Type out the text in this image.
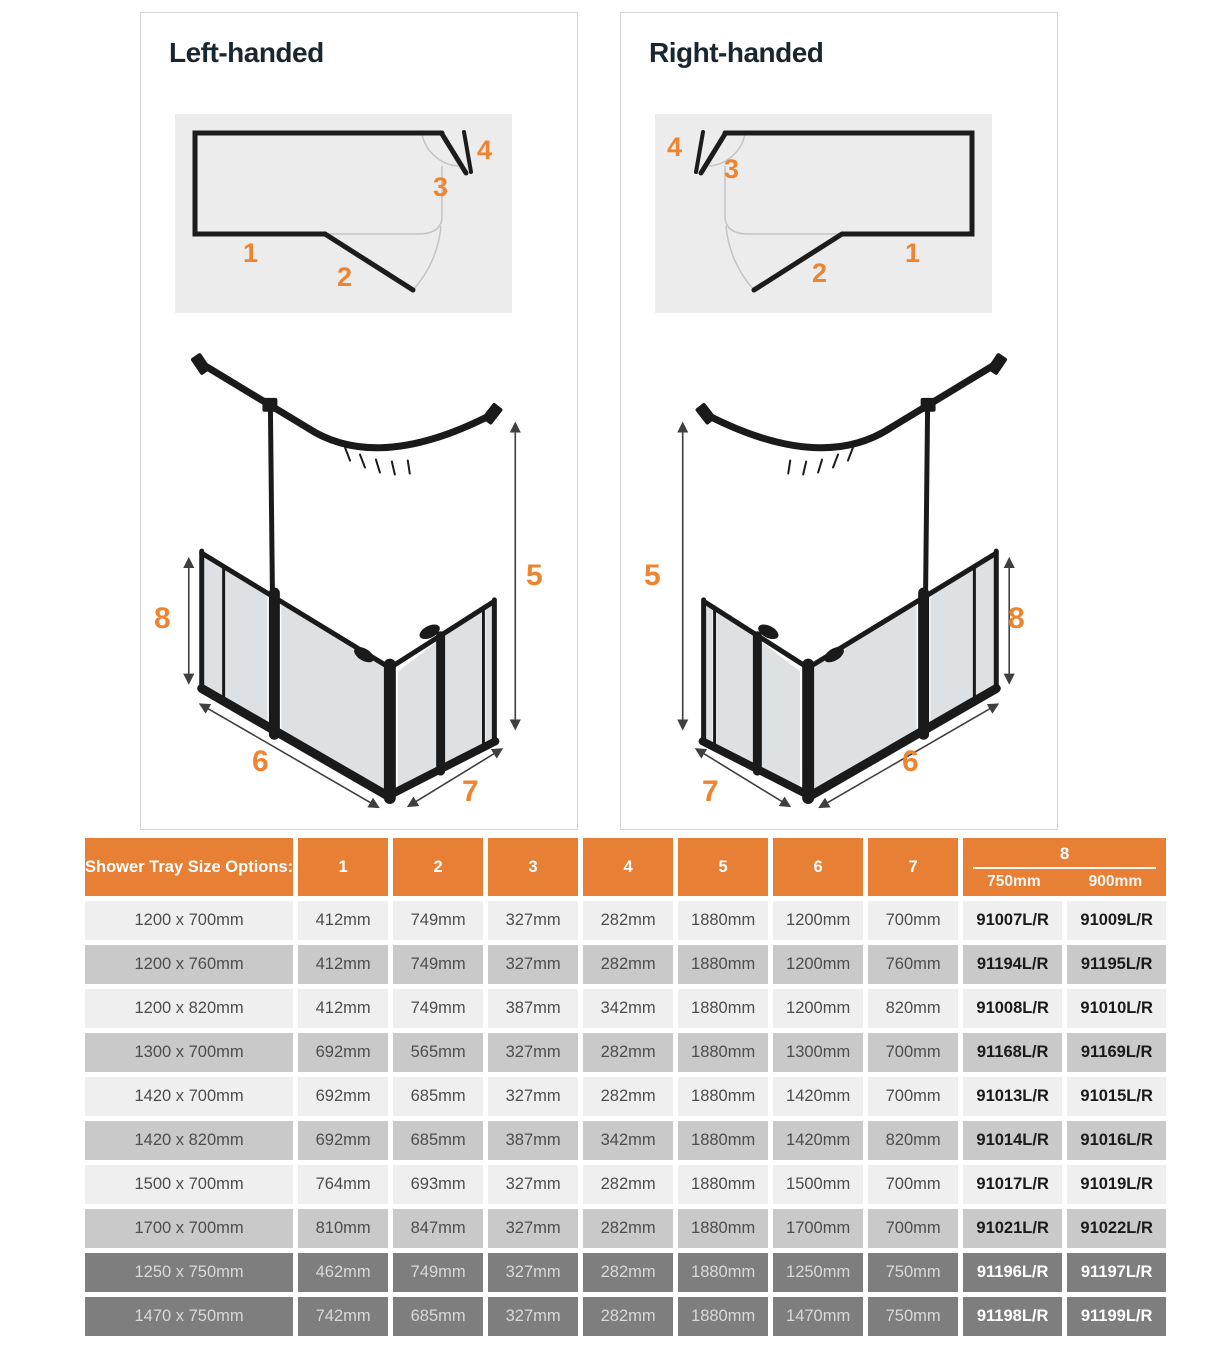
Left-handed
1
2
3
4
8
5
6
7
Right-handed
1
2
3
4
5
8
7
6
Shower Tray Size Options:	1	2	3	4	5	6	7	8
750mm 900mm	

1200 x 700mm	412mm	749mm	327mm	282mm	1880mm	1200mm	700mm	91007L/R	91009L/R
1200 x 760mm	412mm	749mm	327mm	282mm	1880mm	1200mm	760mm	91194L/R	91195L/R
1200 x 820mm	412mm	749mm	387mm	342mm	1880mm	1200mm	820mm	91008L/R	91010L/R
1300 x 700mm	692mm	565mm	327mm	282mm	1880mm	1300mm	700mm	91168L/R	91169L/R
1420 x 700mm	692mm	685mm	327mm	282mm	1880mm	1420mm	700mm	91013L/R	91015L/R
1420 x 820mm	692mm	685mm	387mm	342mm	1880mm	1420mm	820mm	91014L/R	91016L/R
1500 x 700mm	764mm	693mm	327mm	282mm	1880mm	1500mm	700mm	91017L/R	91019L/R
1700 x 700mm	810mm	847mm	327mm	282mm	1880mm	1700mm	700mm	91021L/R	91022L/R
1250 x 750mm	462mm	749mm	327mm	282mm	1880mm	1250mm	750mm	91196L/R	91197L/R
1470 x 750mm	742mm	685mm	327mm	282mm	1880mm	1470mm	750mm	91198L/R	91199L/R
